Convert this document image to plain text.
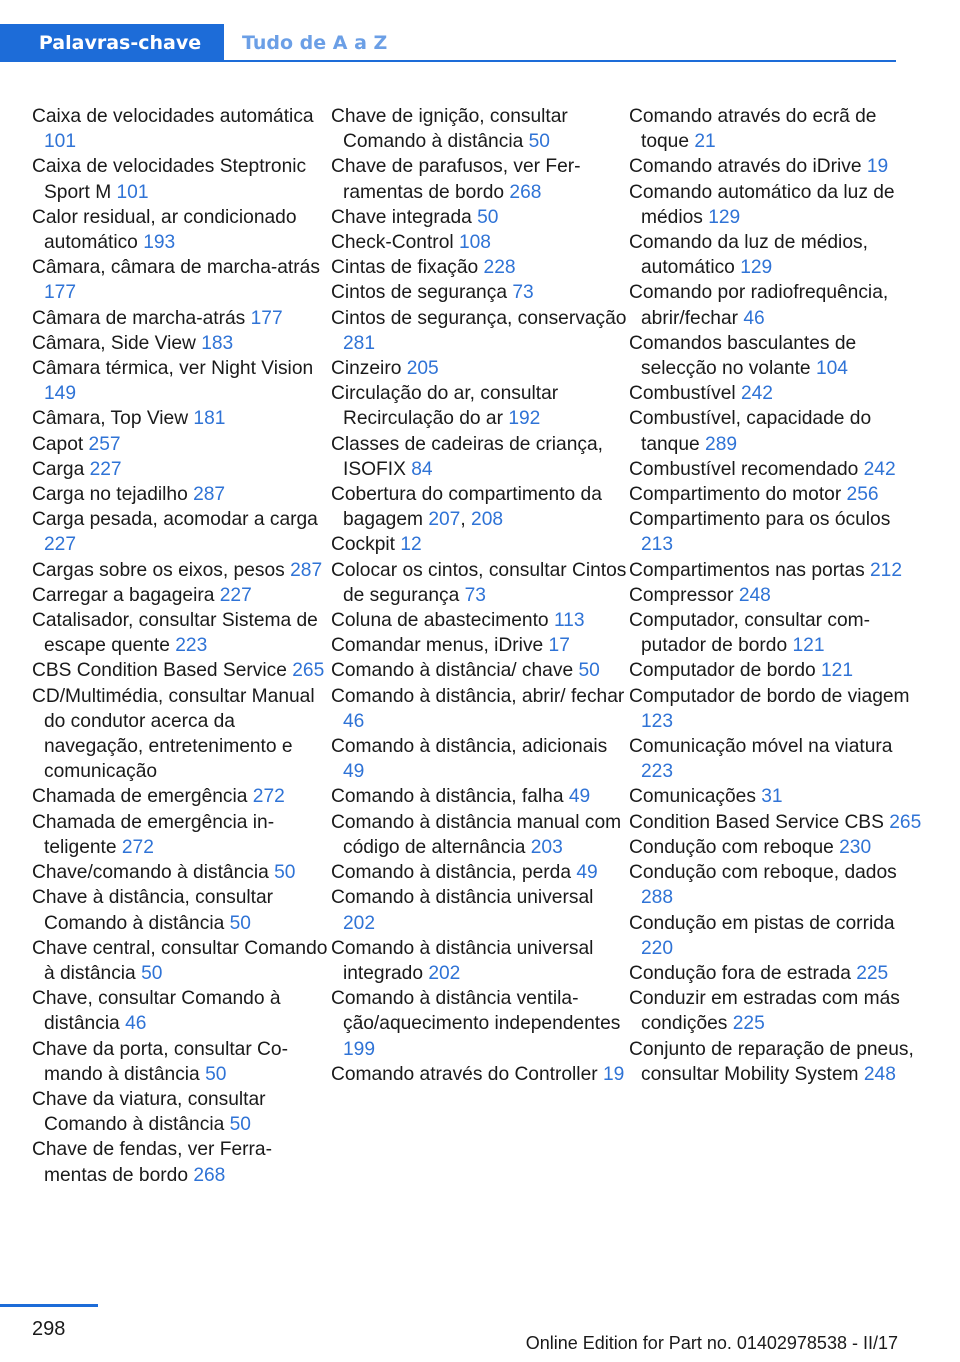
Palavras-chave	Tudo de A a Z
Caixa de velocidades automática 101
Caixa de velocidades Steptronic Sport M 101
Calor residual, ar condicionado automático 193
Câmara, câmara de marcha-atrás 177
Câmara de marcha-atrás 177
Câmara, Side View 183
Câmara térmica, ver Night Vision 149
Câmara, Top View 181
Capot 257
Carga 227
Carga no tejadilho 287
Carga pesada, acomodar a carga 227
Cargas sobre os eixos, pesos 287
Carregar a bagageira 227
Catalisador, consultar Sistema de escape quente 223
CBS Condition Based Service 265
CD/Multimédia, consultar Manual do condutor acerca da navegação, entretenimento e comunicação
Chamada de emergência 272
Chamada de emergência inteligente 272
Chave/comando à distância 50
Chave à distância, consultar Comando à distância 50
Chave central, consultar Comando à distância 50
Chave, consultar Comando à distância 46
Chave da porta, consultar Comando à distância 50
Chave da viatura, consultar Comando à distância 50
Chave de fendas, ver Ferramentas de bordo 268
Chave de ignição, consultar Comando à distância 50
Chave de parafusos, ver Ferramentas de bordo 268
Chave integrada 50
Check-Control 108
Cintas de fixação 228
Cintos de segurança 73
Cintos de segurança, conservação 281
Cinzeiro 205
Circulação do ar, consultar Recirculação do ar 192
Classes de cadeiras de criança, ISOFIX 84
Cobertura do compartimento da bagagem 207, 208
Cockpit 12
Colocar os cintos, consultar Cintos de segurança 73
Coluna de abastecimento 113
Comandar menus, iDrive 17
Comando à distância/ chave 50
Comando à distância, abrir/ fechar 46
Comando à distância, adicionais 49
Comando à distância, falha 49
Comando à distância manual com código de alternância 203
Comando à distância, perda 49
Comando à distância universal 202
Comando à distância universal integrado 202
Comando à distância ventilação/aquecimento independentes 199
Comando através do Controller 19
Comando através do ecrã de toque 21
Comando através do iDrive 19
Comando automático da luz de médios 129
Comando da luz de médios, automático 129
Comando por radiofrequência, abrir/fechar 46
Comandos basculantes de selecção no volante 104
Combustível 242
Combustível, capacidade do tanque 289
Combustível recomendado 242
Compartimento do motor 256
Compartimento para os óculos 213
Compartimentos nas portas 212
Compressor 248
Computador, consultar computador de bordo 121
Computador de bordo 121
Computador de bordo de viagem 123
Comunicação móvel na viatura 223
Comunicações 31
Condition Based Service CBS 265
Condução com reboque 230
Condução com reboque, dados 288
Condução em pistas de corrida 220
Condução fora de estrada 225
Conduzir em estradas com más condições 225
Conjunto de reparação de pneus, consultar Mobility System 248
298
Online Edition for Part no. 01402978538 - II/17
